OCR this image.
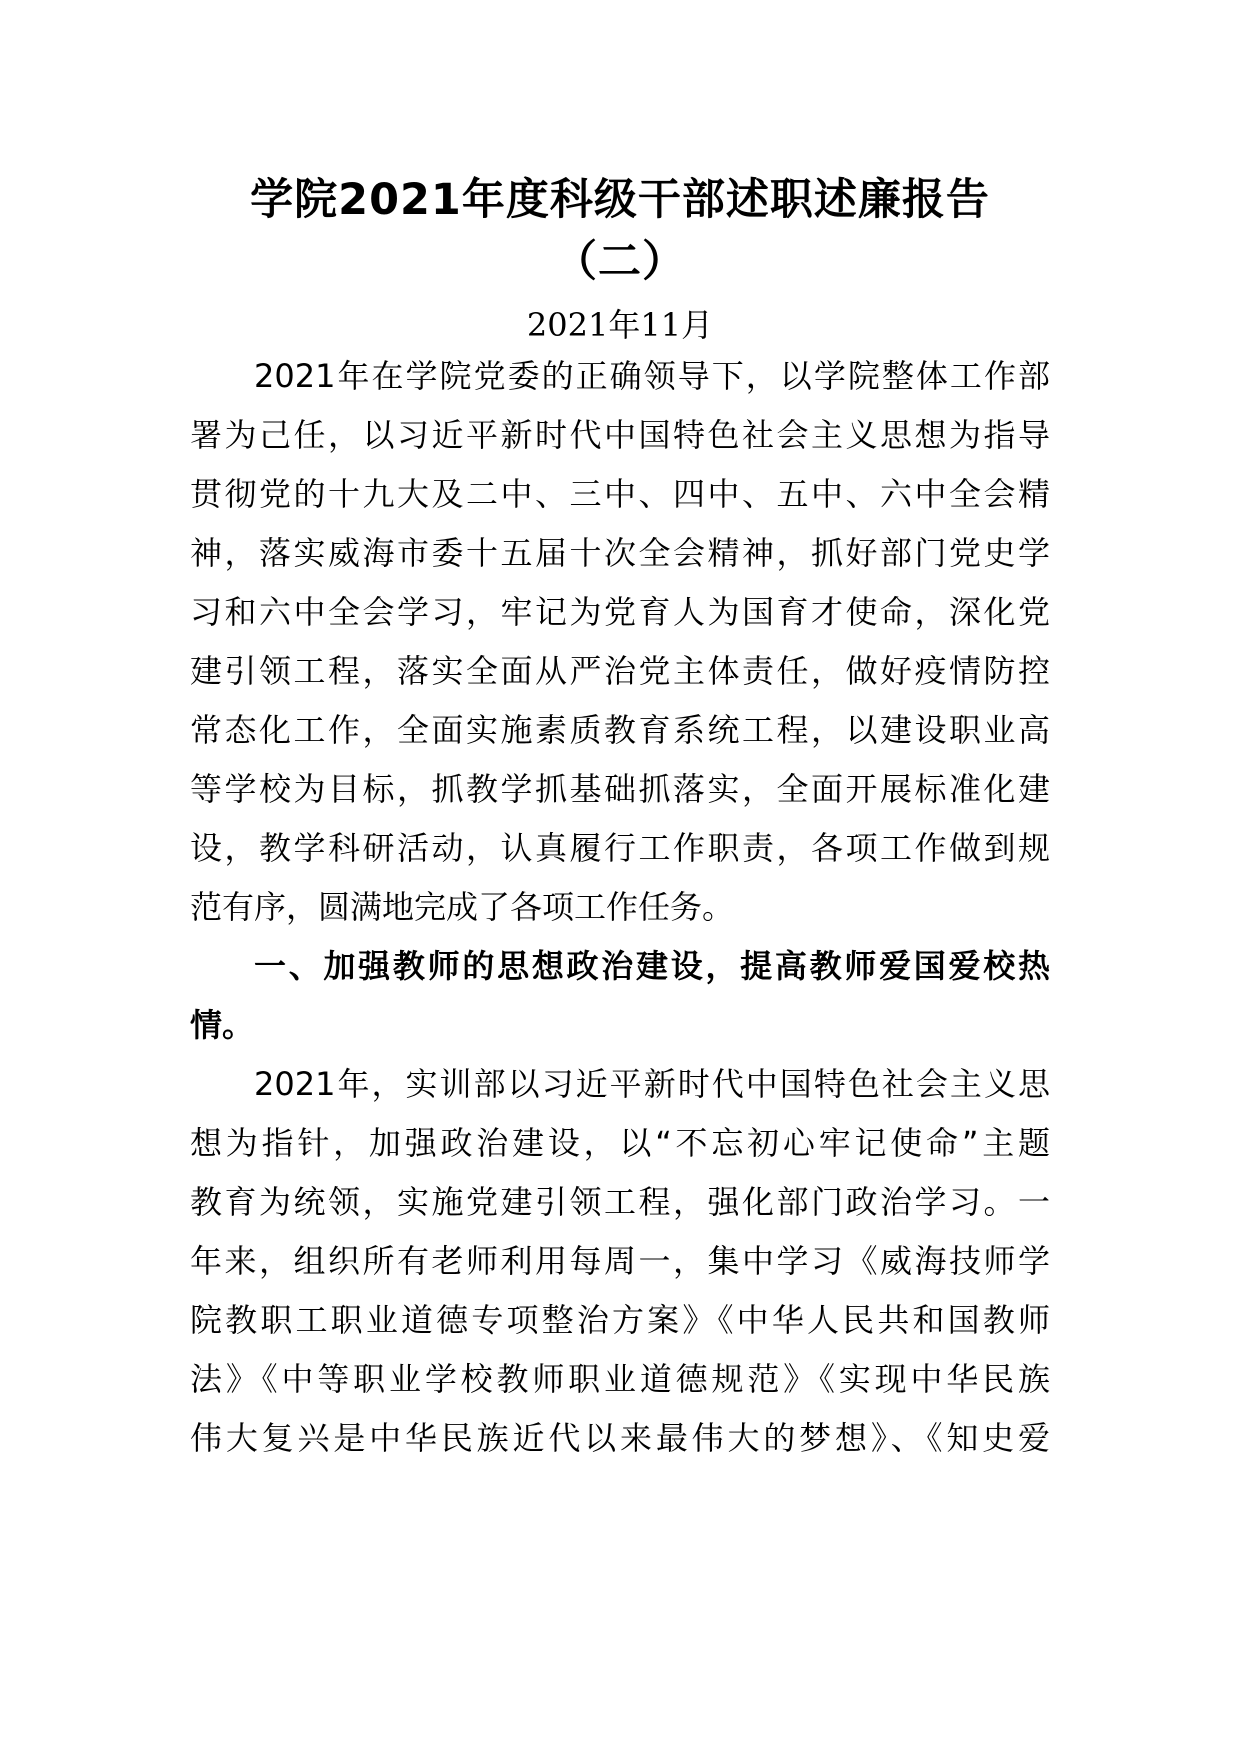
学院2021年度科级干部述职述廉报告
（二）
2021年11月
2021年在学院党委的正确领导下，以学院整体工作部
署为己任，以习近平新时代中国特色社会主义思想为指导
贯彻党的十九大及二中、三中、四中、五中、六中全会精
神，落实威海市委十五届十次全会精神，抓好部门党史学
习和六中全会学习，牢记为党育人为国育才使命，深化党
建引领工程，落实全面从严治党主体责任，做好疫情防控
常态化工作，全面实施素质教育系统工程，以建设职业高
等学校为目标，抓教学抓基础抓落实，全面开展标准化建
设，教学科研活动，认真履行工作职责，各项工作做到规
范有序，圆满地完成了各项工作任务。
一、加强教师的思想政治建设，提高教师爱国爱校热
情。
2021年，实训部以习近平新时代中国特色社会主义思
想为指针，加强政治建设，以“不忘初心牢记使命”主题
教育为统领，实施党建引领工程，强化部门政治学习。一
年来，组织所有老师利用每周一，集中学习《威海技师学
院教职工职业道德专项整治方案》《中华人民共和国教师
法》《中等职业学校教师职业道德规范》《实现中华民族
伟大复兴是中华民族近代以来最伟大的梦想》、《知史爱
